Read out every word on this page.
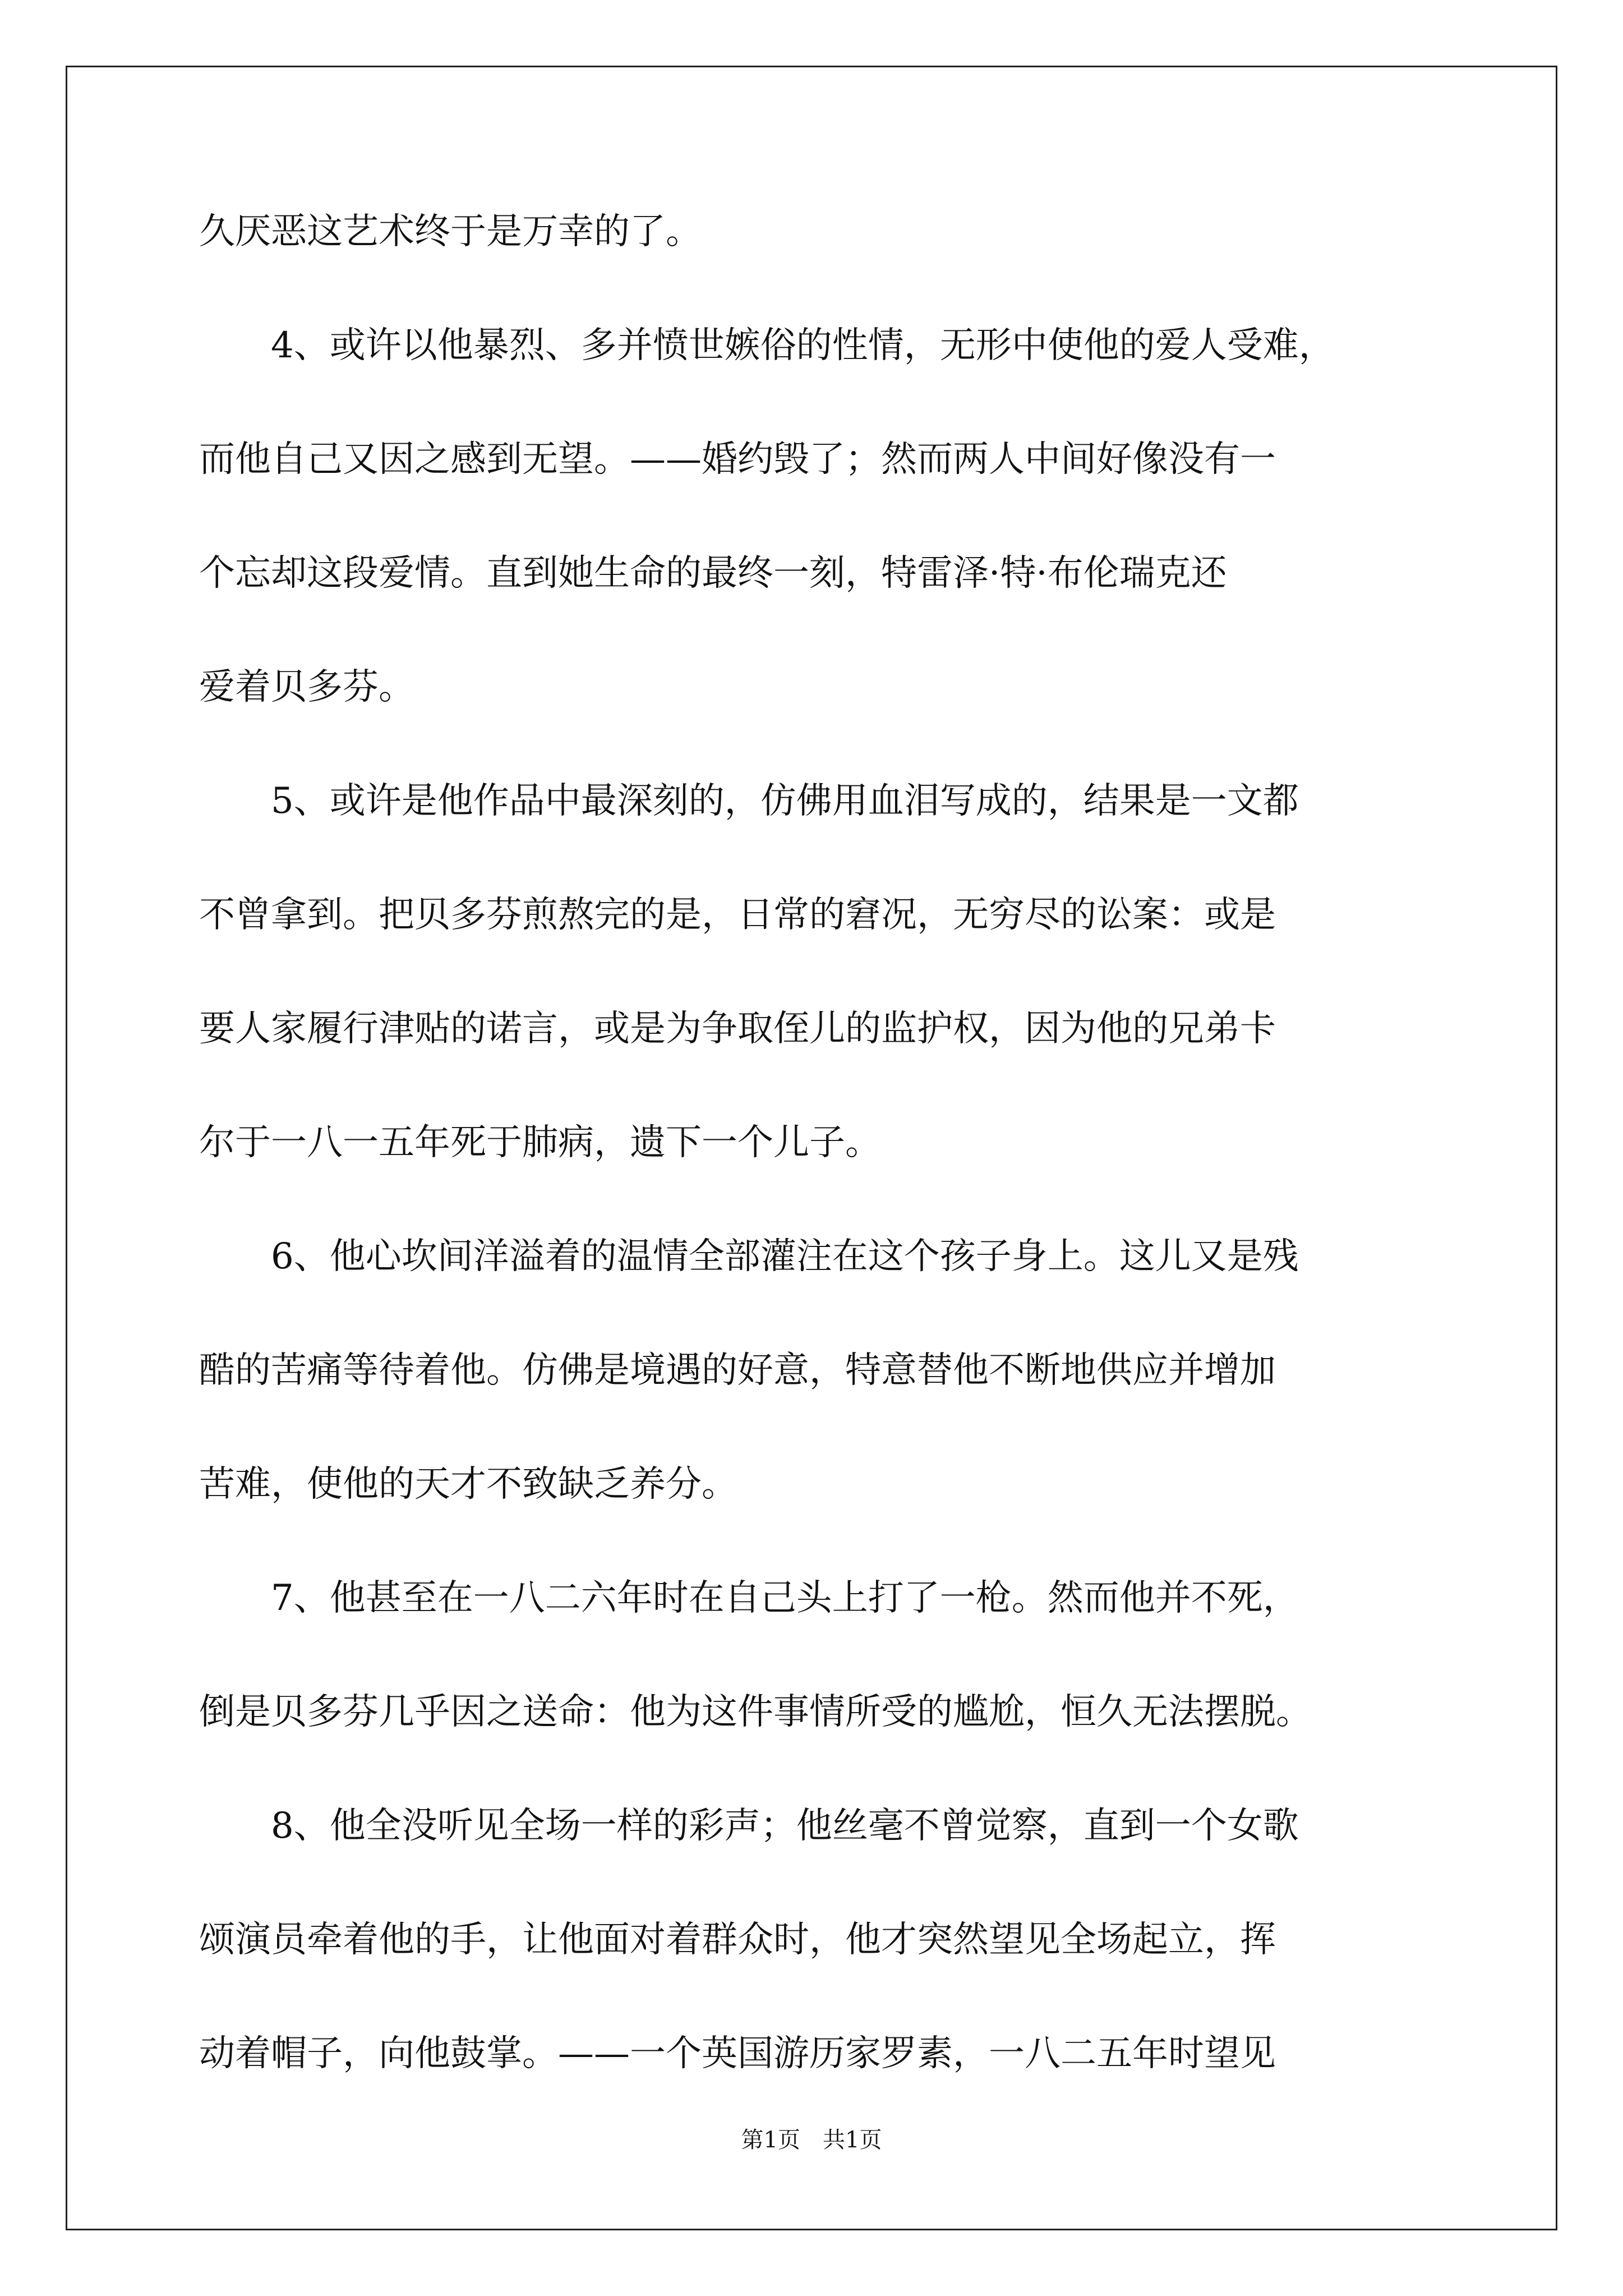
久厌恶这艺术终于是万幸的了。
　　4、或许以他暴烈、多并愤世嫉俗的性情，无形中使他的爱人受难，
而他自己又因之感到无望。——婚约毁了；然而两人中间好像没有一
个忘却这段爱情。直到她生命的最终一刻，特雷泽·特·布伦瑞克还
爱着贝多芬。
　　5、或许是他作品中最深刻的，仿佛用血泪写成的，结果是一文都
不曾拿到。把贝多芬煎熬完的是，日常的窘况，无穷尽的讼案：或是
要人家履行津贴的诺言，或是为争取侄儿的监护权，因为他的兄弟卡
尔于一八一五年死于肺病，遗下一个儿子。
　　6、他心坎间洋溢着的温情全部灌注在这个孩子身上。这儿又是残
酷的苦痛等待着他。仿佛是境遇的好意，特意替他不断地供应并增加
苦难，使他的天才不致缺乏养分。
　　7、他甚至在一八二六年时在自己头上打了一枪。然而他并不死，
倒是贝多芬几乎因之送命：他为这件事情所受的尴尬，恒久无法摆脱。
　　8、他全没听见全场一样的彩声；他丝毫不曾觉察，直到一个女歌
颂演员牵着他的手，让他面对着群众时，他才突然望见全场起立，挥
动着帽子，向他鼓掌。——一个英国游历家罗素，一八二五年时望见
第1页 共1页
